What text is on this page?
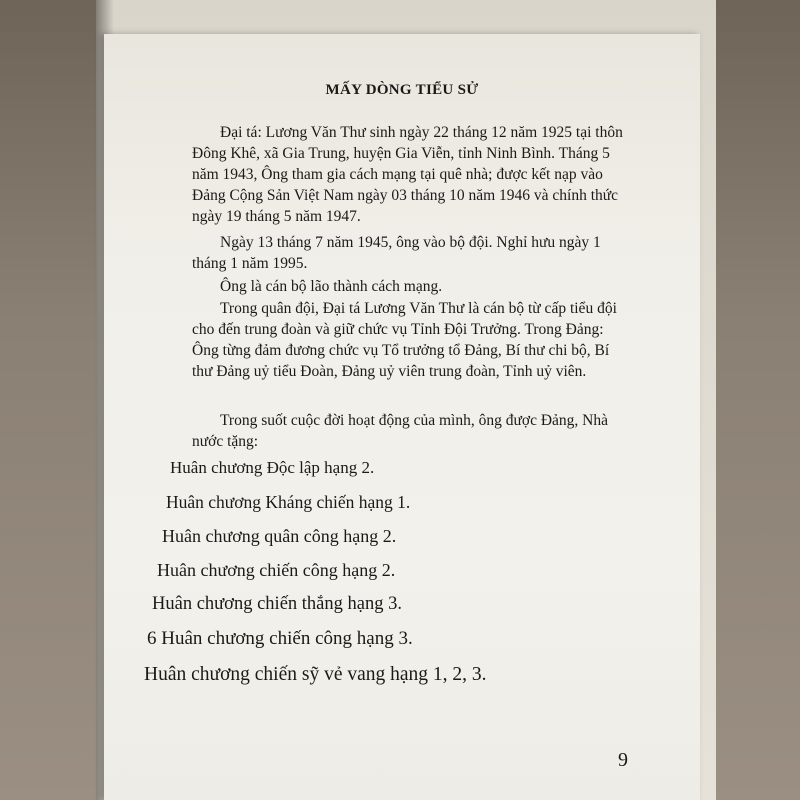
MẤY DÒNG TIỂU SỬ

Đại tá: Lương Văn Thư sinh ngày 22 tháng 12 năm 1925 tại thôn Đông Khê, xã Gia Trung, huyện Gia Viễn, tỉnh Ninh Bình. Tháng 5 năm 1943, Ông tham gia cách mạng tại quê nhà; được kết nạp vào Đảng Cộng Sản Việt Nam ngày 03 tháng 10 năm 1946 và chính thức ngày 19 tháng 5 năm 1947.

Ngày 13 tháng 7 năm 1945, ông vào bộ đội. Nghỉ hưu ngày 1 tháng 1 năm 1995.

Ông là cán bộ lão thành cách mạng.

Trong quân đội, Đại tá Lương Văn Thư là cán bộ từ cấp tiểu đội cho đến trung đoàn và giữ chức vụ Tỉnh Đội Trưởng. Trong Đảng: Ông từng đảm đương chức vụ Tổ trưởng tổ Đảng, Bí thư chi bộ, Bí thư Đảng uỷ tiểu Đoàn, Đảng uỷ viên trung đoàn, Tỉnh uỷ viên.

Trong suốt cuộc đời hoạt động của mình, ông được Đảng, Nhà nước tặng:

Huân chương Độc lập hạng 2.
Huân chương Kháng chiến hạng 1.
Huân chương quân công hạng 2.
Huân chương chiến công hạng 2.
Huân chương chiến thắng hạng 3.
6 Huân chương chiến công hạng 3.
Huân chương chiến sỹ vẻ vang hạng 1, 2, 3.
9
